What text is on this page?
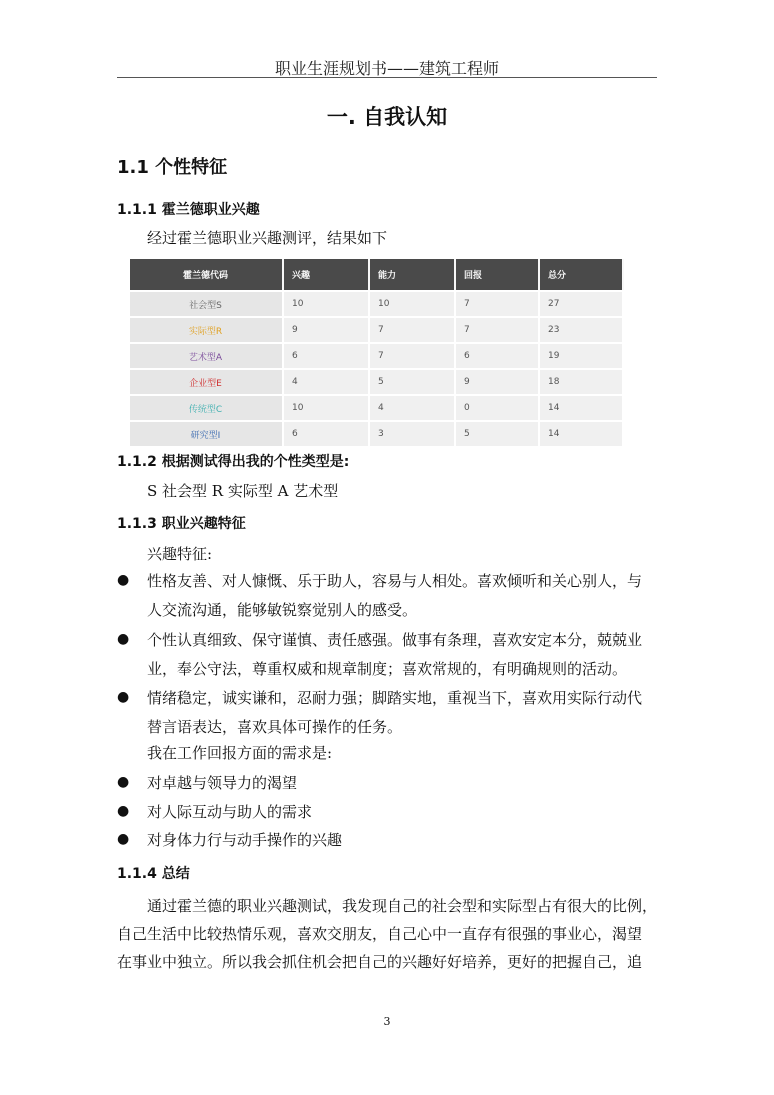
职业生涯规划书——建筑工程师
一. 自我认知
1.1 个性特征
1.1.1 霍兰德职业兴趣
经过霍兰德职业兴趣测评，结果如下
霍兰德代码	兴趣	能力	回报	总分
社会型S	10	10	7	27
实际型R	9	7	7	23
艺术型A	6	7	6	19
企业型E	4	5	9	18
传统型C	10	4	0	14
研究型I	6	3	5	14
1.1.2 根据测试得出我的个性类型是:
S 社会型 R 实际型 A 艺术型
1.1.3 职业兴趣特征
兴趣特征:
● 性格友善、对人慷慨、乐于助人，容易与人相处。喜欢倾听和关心别人，与
人交流沟通，能够敏锐察觉别人的感受。
● 个性认真细致、保守谨慎、责任感强。做事有条理，喜欢安定本分，兢兢业
业，奉公守法，尊重权威和规章制度；喜欢常规的，有明确规则的活动。
● 情绪稳定，诚实谦和，忍耐力强；脚踏实地，重视当下，喜欢用实际行动代
替言语表达，喜欢具体可操作的任务。
我在工作回报方面的需求是:
● 对卓越与领导力的渴望
● 对人际互动与助人的需求
● 对身体力行与动手操作的兴趣
1.1.4 总结
通过霍兰德的职业兴趣测试，我发现自己的社会型和实际型占有很大的比例，
自己生活中比较热情乐观，喜欢交朋友，自己心中一直存有很强的事业心，渴望
在事业中独立。所以我会抓住机会把自己的兴趣好好培养，更好的把握自己，追
3
